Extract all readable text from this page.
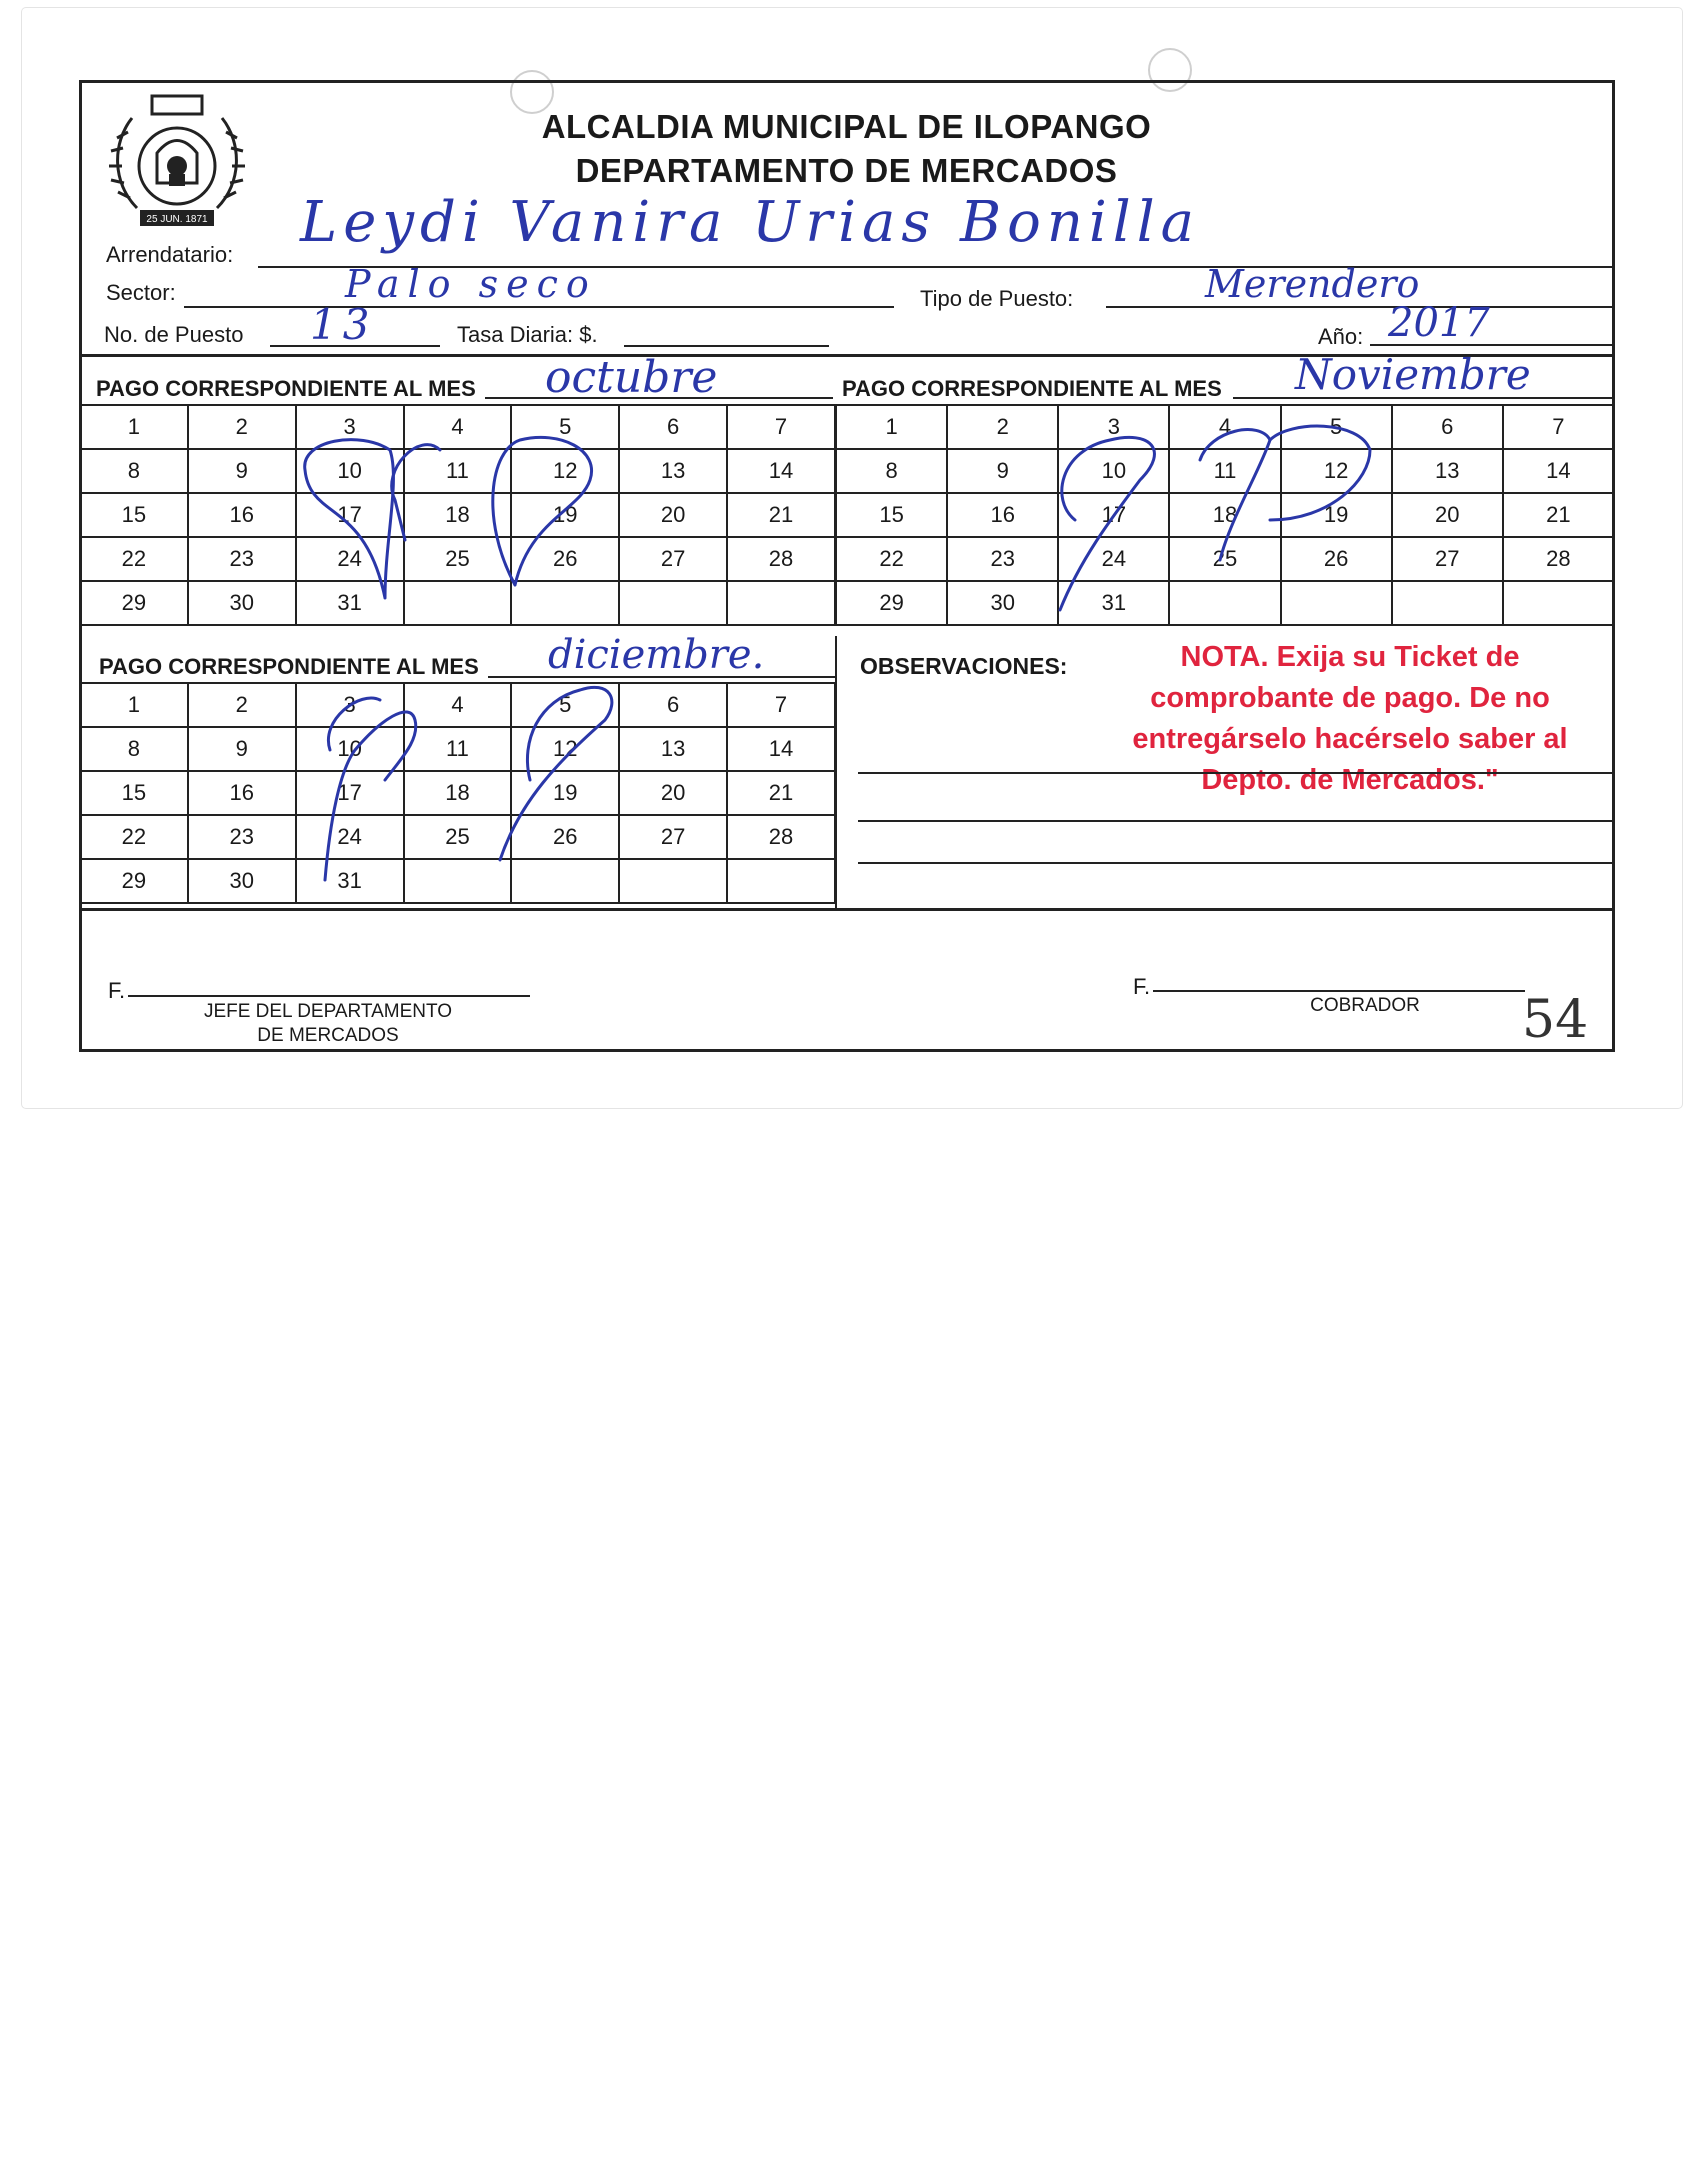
25 JUN. 1871
ALCALDIA MUNICIPAL DE ILOPANGO
DEPARTAMENTO DE MERCADOS
Arrendatario: Leydi Vanira Urias Bonilla
Sector:	Palo seco	Tipo de Puesto:	Merendero
No. de Puesto 13	Tasa Diaria: $.	Año: 2017
PAGO CORRESPONDIENTE AL MES octubre	PAGO CORRESPONDIENTE AL MES Noviembre
1	2	3	4	5	6	7
8	9	10	11	12	13	14
15	16	17	18	19	20	21
22	23	24	25	26	27	28
29	30	31				
1	2	3	4	5	6	7
8	9	10	11	12	13	14
15	16	17	18	19	20	21
22	23	24	25	26	27	28
29	30	31				
PAGO CORRESPONDIENTE AL MES diciembre.
1	2	3	4	5	6	7
8	9	10	11	12	13	14
15	16	17	18	19	20	21
22	23	24	25	26	27	28
29	30	31				
OBSERVACIONES:	NOTA. Exija su Ticket de comprobante de pago. De no entregárselo hacérselo saber al Depto. de Mercados."
F.
JEFE DEL DEPARTAMENTO
DE MERCADOS
F.
COBRADOR	54
